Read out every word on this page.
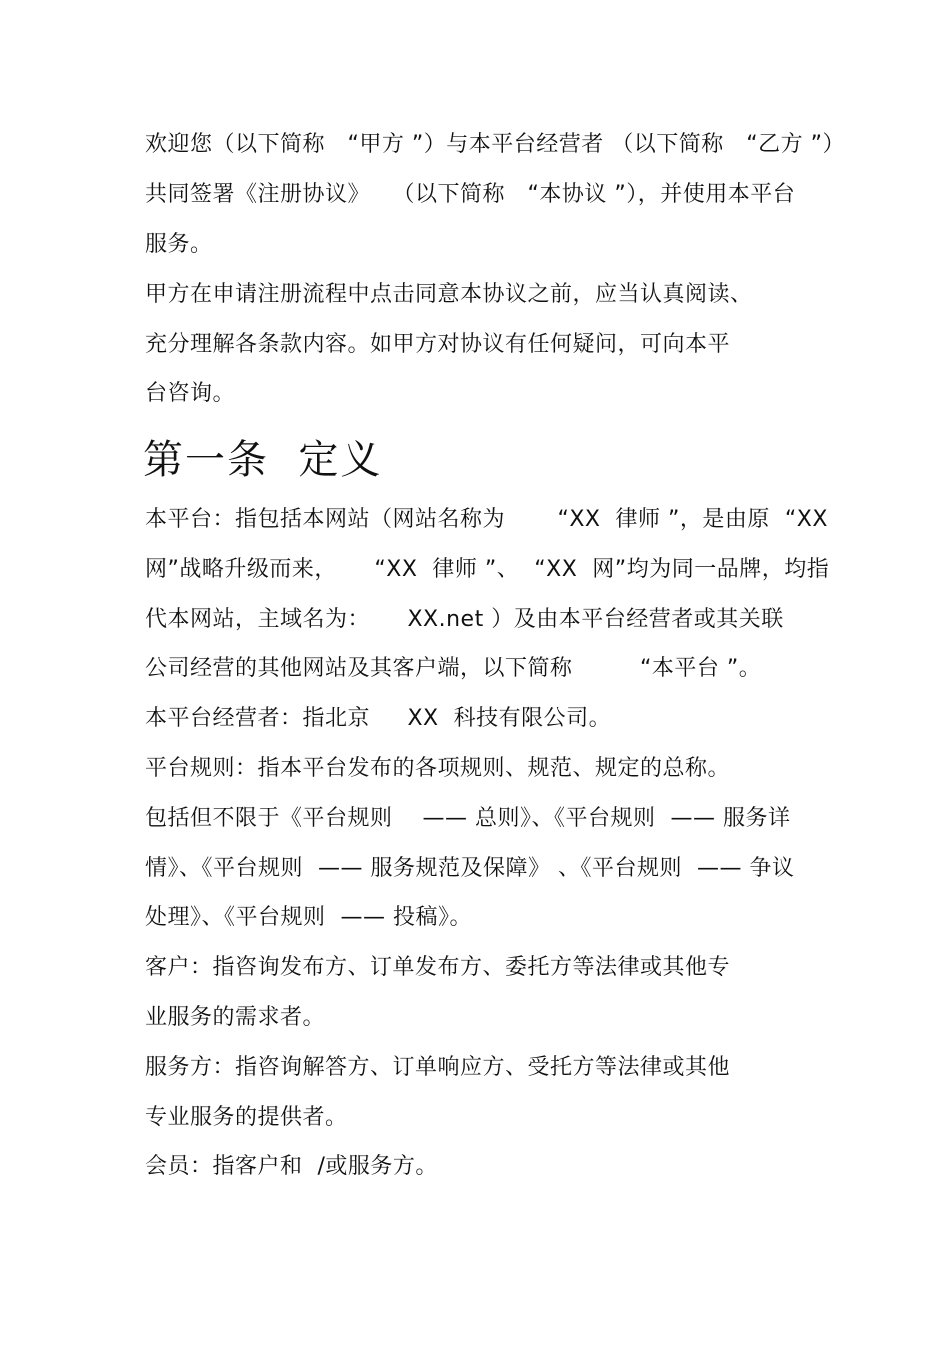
欢迎您（以下简称   “甲方 ”）与本平台经营者 （以下简称   “乙方 ”）
共同签署《注册协议》   （以下简称   “本协议 ”），并使用本平台
服务。
甲方在申请注册流程中点击同意本协议之前，应当认真阅读、
充分理解各条款内容。如甲方对协议有任何疑问，可向本平
台咨询。
第一条  定义
本平台：指包括本网站（网站名称为       “XX  律师 ”，是由原  “XX
网”战略升级而来，     “XX  律师 ”、  “XX  网”均为同一品牌，均指
代本网站，主域名为：     XX.net ）及由本平台经营者或其关联
公司经营的其他网站及其客户端，以下简称         “本平台 ”。
本平台经营者：指北京     XX  科技有限公司。
平台规则：指本平台发布的各项规则、规范、规定的总称。
包括但不限于《平台规则    —— 总则》、《平台规则  —— 服务详
情》、《平台规则  —— 服务规范及保障》 、《平台规则  —— 争议
处理》、《平台规则  —— 投稿》。
客户：指咨询发布方、订单发布方、委托方等法律或其他专
业服务的需求者。
服务方：指咨询解答方、订单响应方、受托方等法律或其他
专业服务的提供者。
会员：指客户和  /或服务方。
